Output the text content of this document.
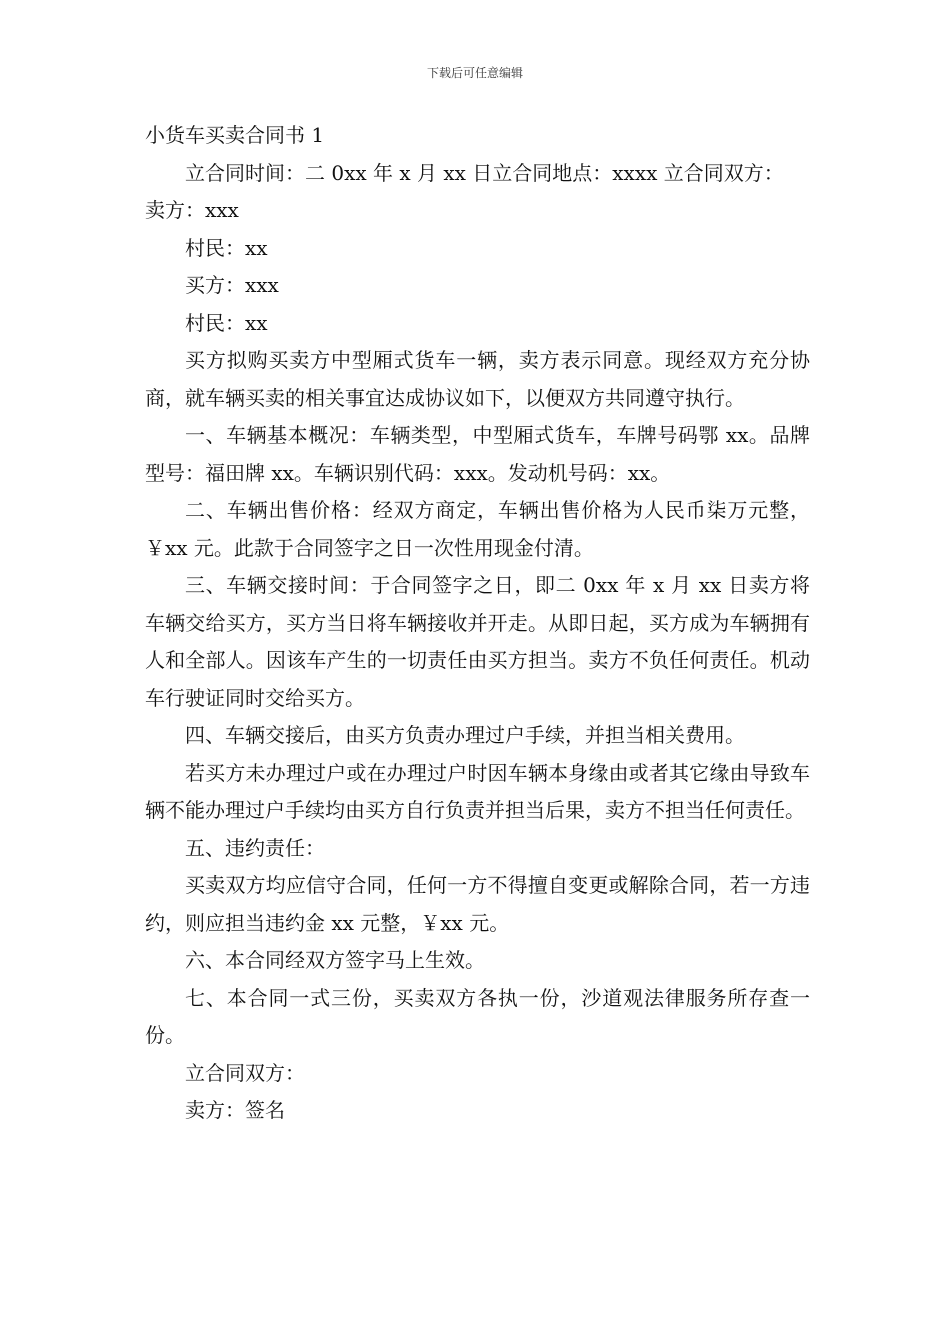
下载后可任意编辑

小货车买卖合同书 1

立合同时间：二 0xx 年 x 月 xx 日立合同地点：xxxx 立合同双方：

卖方：xxx

村民：xx

买方：xxx

村民：xx

买方拟购买卖方中型厢式货车一辆，卖方表示同意。现经双方充分协商，就车辆买卖的相关事宜达成协议如下，以便双方共同遵守执行。

一、车辆基本概况：车辆类型，中型厢式货车，车牌号码鄂 xx。品牌型号：福田牌 xx。车辆识别代码：xxx。发动机号码：xx。

二、车辆出售价格：经双方商定，车辆出售价格为人民币柒万元整，￥xx 元。此款于合同签字之日一次性用现金付清。

三、车辆交接时间：于合同签字之日，即二 0xx 年 x 月 xx 日卖方将车辆交给买方，买方当日将车辆接收并开走。从即日起，买方成为车辆拥有人和全部人。因该车产生的一切责任由买方担当。卖方不负任何责任。机动车行驶证同时交给买方。

四、车辆交接后，由买方负责办理过户手续，并担当相关费用。

若买方未办理过户或在办理过户时因车辆本身缘由或者其它缘由导致车辆不能办理过户手续均由买方自行负责并担当后果，卖方不担当任何责任。

五、违约责任：

买卖双方均应信守合同，任何一方不得擅自变更或解除合同，若一方违约，则应担当违约金 xx 元整，￥xx 元。

六、本合同经双方签字马上生效。

七、本合同一式三份，买卖双方各执一份，沙道观法律服务所存查一份。

立合同双方：

卖方：签名
